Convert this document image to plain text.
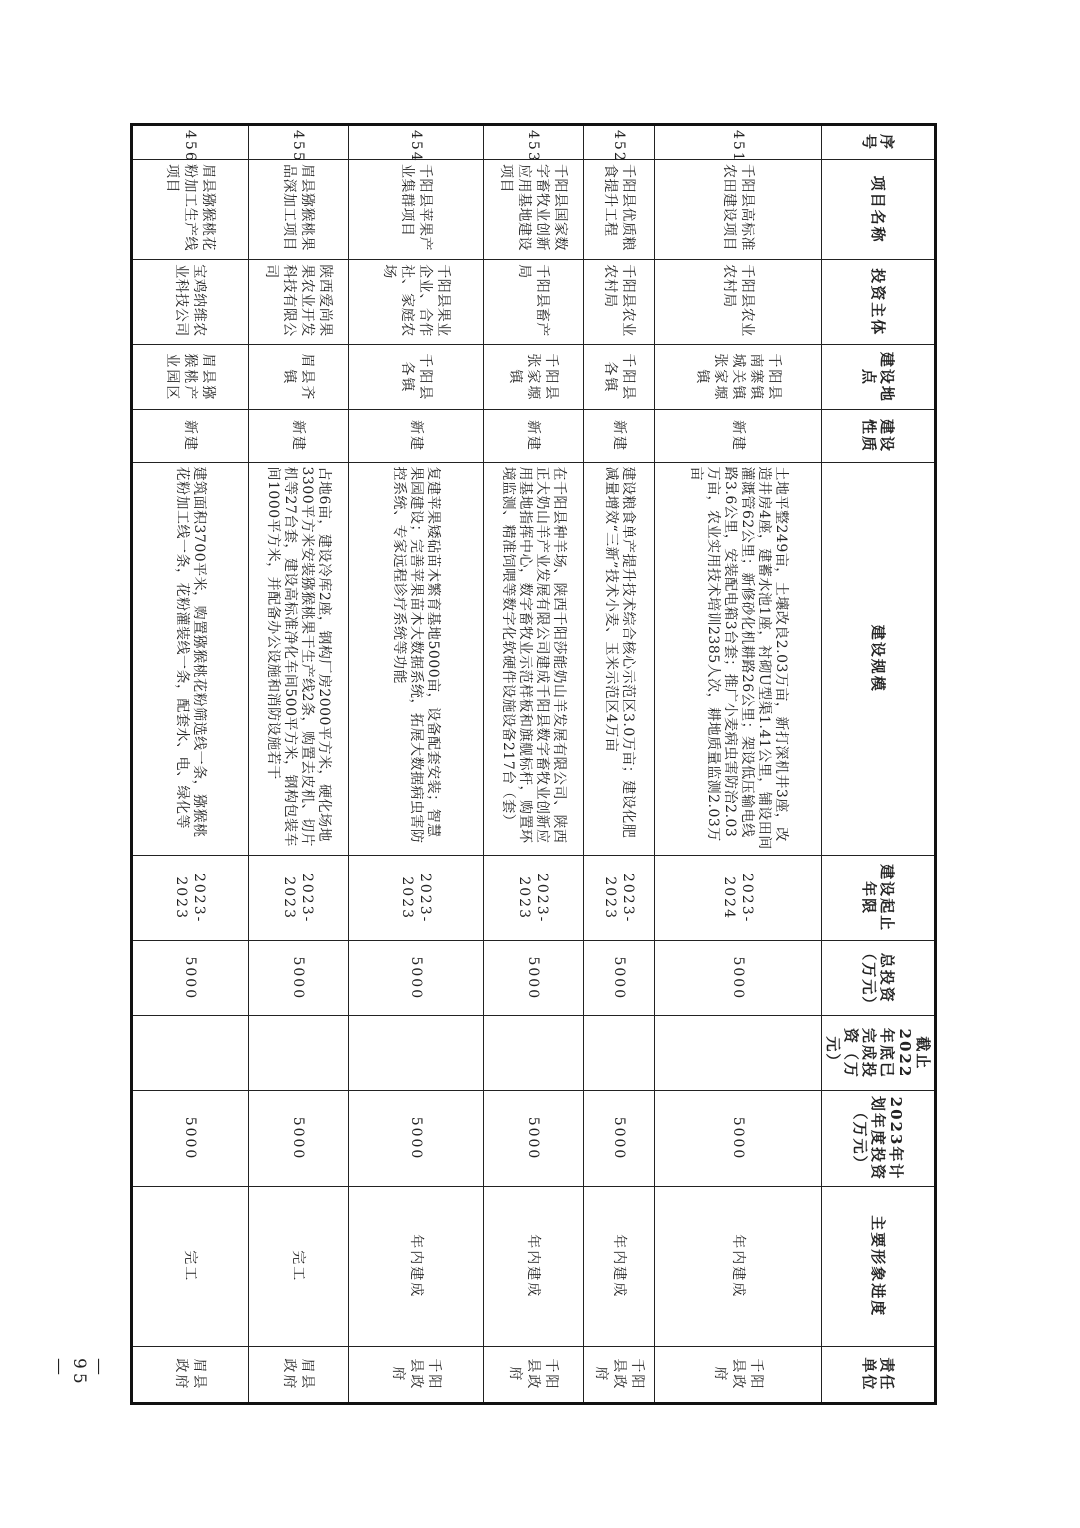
序号	项目名称	投资主体	建设地点	建设性质	建设规模	建设起止年限	总投资（万元）	截止2022年底已完成投资（万元）	2023年计划年度投资（万元）	主要形象进度	责任单位
451	千阳县高标准农田建设项目	千阳县农业农村局	千阳县南寨镇城关镇张家塬镇	新建	土地平整249亩，土壤改良2.03万亩，新打深机井3座，改造井房4座，建蓄水池1座，衬砌U型渠1.41公里，铺设田间灌溉管62公里；新修砂化机耕路26公里；架设低压输电线路3.6公里，安装配电箱3台套；推广小麦病虫害防治2.03万亩，农业实用技术培训2385人次，耕地质量监测2.03万亩	2023-2024	5000		5000	年内建成	千阳县政府
452	千阳县优质粮食提升工程	千阳县农业农村局	千阳县各镇	新建	建设粮食单产提升技术综合核心示范区3.0万亩；建设化肥减量增效“三新”技术小麦、玉米示范区4万亩	2023-2023	5000		5000	年内建成	千阳县政府
453	千阳县国家数字畜牧业创新应用基地建设项目	千阳县畜产局	千阳县张家塬镇	新建	在千阳县种羊场、陕西千阳莎能奶山羊发展有限公司、陕西正大奶山羊产业发展有限公司建成千阳县数字畜牧业创新应用基地指挥中心，数字畜牧业示范样板和旗舰标杆，购置环境监测、精准饲喂等数字化软硬件设施设备217台（套）	2023-2023	5000		5000	年内建成	千阳县政府
454	千阳县苹果产业集群项目	千阳县果业企业、合作社、家庭农场	千阳县各镇	新建	复建苹果矮砧苗木繁育基地5000亩，设备配套安装；智慧果园建设；完善苹果苗木大数据系统，拓展大数据病虫害防控系统、专家远程诊疗系统等功能	2023-2023	5000		5000	年内建成	千阳县政府
455	眉县猕猴桃果品深加工项目	陕西爱尚果果农业开发科技有限公司	眉县齐镇	新建	占地6亩，建设冷库2座，钢构厂房2000平方米，硬化场地3300平方米安装猕猴桃果干生产线2条，购置去皮机、切片机等27台套，建设高标准净化车间500平方米，钢构包装车间1000平方米，并配备办公设施和消防设施若干	2023-2023	5000		5000	完工	眉县政府
456	眉县猕猴桃花粉加工生产线项目	宝鸡纳维农业科技公司	眉县猕猴桃产业园区	新建	建筑面积3700平米，购置猕猴桃花粉筛选线一条，猕猴桃花粉加工线一条，花粉灌装线一条，配套水、电、绿化等	2023-2023	5000		5000	完工	眉县政府
— 95 —
